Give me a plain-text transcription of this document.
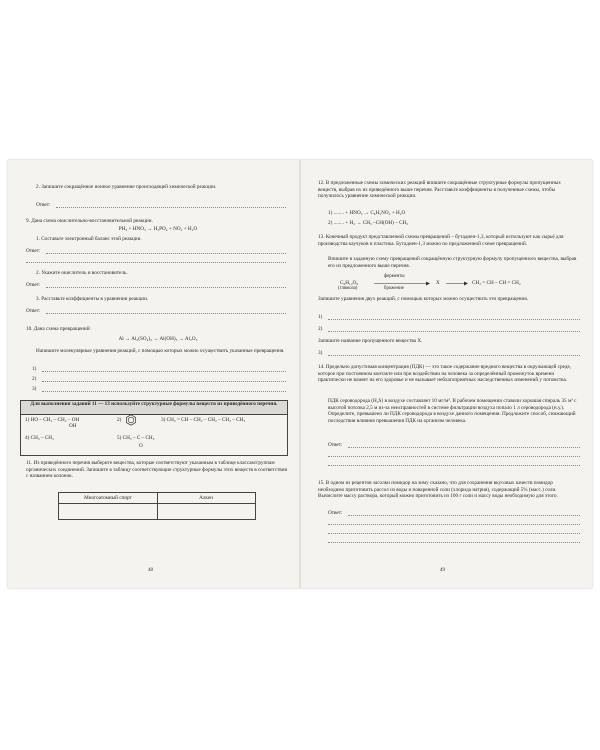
2. Запишите сокращённое ионное уравнение происходящей химической реакции.
Ответ:
9. Дана схема окислительно-восстановительной реакции.
PH₃ + HNO₃ → H₃PO₄ + NO₂ + H₂O
1. Составьте электронный баланс этой реакции.
Ответ:
2. Укажите окислитель и восстановитель.
Ответ:
3. Расставьте коэффициенты в уравнении реакции.
Ответ:
10. Дана схема превращений:
Al → Al₂(SO₄)₃ → Al(OH)₃ → Al₂O₃
Напишите молекулярные уравнения реакций, с помощью которых можно осуществить указанные превращения.
1)
2)
3)
Для выполнения заданий 11 — 13 используйте структурные формулы веществ из приведённого перечня.
1) HO – CH₂ – CH₂ – OH
OH
2)	3) CH₂ = CH – CH₂ – CH₂ – CH₂ – CH₃
4) CH₃ – CH₃	5) CH₃ – C – CH₃
O
11. Из приведённого перечня выберите вещества, которые соответствуют указанным в таблице классам/группам органических соединений. Запишите в таблицу соответствующие структурные формулы этих веществ в соответствии с названием колонок.
Многоатомный спирт	Алкен
48
12. В предложенные схемы химических реакций впишите сокращённые структурные формулы пропущенных веществ, выбрав их из приведённого выше перечня. Расставьте коэффициенты в полученные схемы, чтобы получилось уравнение химической реакции.
1) ........ + HNO₃ → C₆H₅NO₂ + H₂O
2) ........ + H₂ → CH₃ –CH(OH) – CH₃
13. Конечный продукт представленной схемы превращений – бутадиен-1,3, который используют как сырьё для производства каучуков и пластика. Бутадиен-1,3 можно по предложенной схеме превращений.
Впишите в заданную схему превращений сокращённую структурную формулу пропущенного вещества, выбрав его из предложенного выше перечня.
C₆H₁₂O₆
(глюкоза)
ферменты
брожение
X	CH₂ = CH – CH = CH₂
Запишите уравнения двух реакций, с помощью которых можно осуществить эти превращения.
1)
2)
Запишите название пропущенного вещества X.
3)
14. Предельно допустимая концентрация (ПДК) — это такое содержание вредного вещества в окружающей среде, которое при постоянном контакте или при воздействии на человека за определённый промежуток времени практически не влияет на его здоровье и не вызывает неблагоприятных наследственных изменений у потомства.
ПДК сероводорода (H₂S) в воздухе составляет 10 мг/м³. В рабочем помещении ставили хорошая спираль 35 м³ с высотой потолка 2,5 м из-за неисправностей в системе фильтрации воздуха попало 1 л сероводорода (н.у.). Определите, превышено ли ПДК сероводорода в воздухе данного помещения. Предложите способ, снижающий последствия влияния превышения ПДК на организм человека.
Ответ:
15. В одном из рецептов засолки помидор на зиму сказано, что для сохранения вкусовых качеств помидор необходимо приготовить рассол из воды и поваренной соли (хлорида натрия), содержащий 5% (масс.) соли. Вычислите массу раствора, который можно приготовить из 100 г соли и массу воды необходимую для этого.
Ответ:
49
